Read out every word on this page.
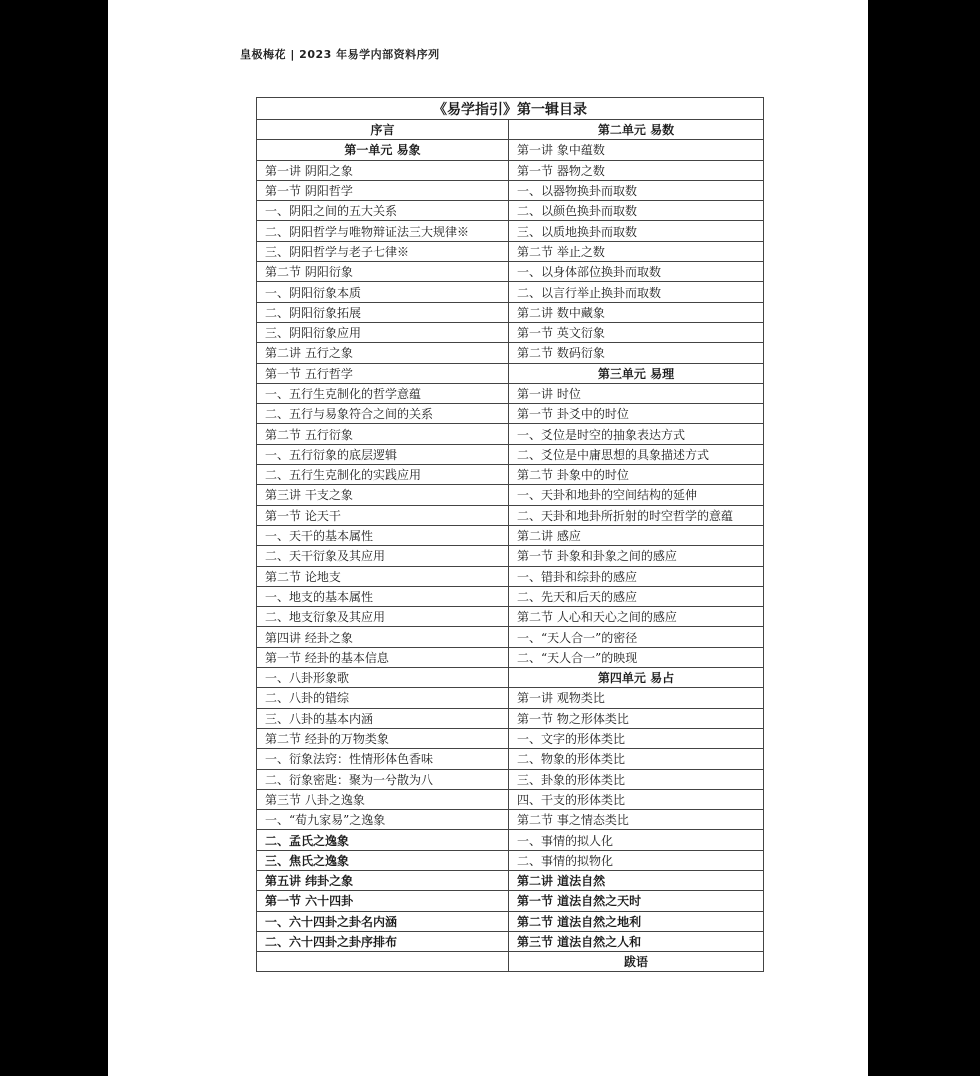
皇极梅花 | 2023 年易学内部资料序列
《易学指引》第一辑目录	
序言	第二单元 易数
第一单元 易象	第一讲 象中蕴数
第一讲 阴阳之象	第一节 器物之数
第一节 阴阳哲学	一、以器物换卦而取数
一、阴阳之间的五大关系	二、以颜色换卦而取数
二、阴阳哲学与唯物辩证法三大规律※	三、以质地换卦而取数
三、阴阳哲学与老子七律※	第二节 举止之数
第二节 阴阳衍象	一、以身体部位换卦而取数
一、阴阳衍象本质	二、以言行举止换卦而取数
二、阴阳衍象拓展	第二讲 数中藏象
三、阴阳衍象应用	第一节 英文衍象
第二讲 五行之象	第二节 数码衍象
第一节 五行哲学	第三单元 易理
一、五行生克制化的哲学意蕴	第一讲 时位
二、五行与易象符合之间的关系	第一节 卦爻中的时位
第二节 五行衍象	一、爻位是时空的抽象表达方式
一、五行衍象的底层逻辑	二、爻位是中庸思想的具象描述方式
二、五行生克制化的实践应用	第二节 卦象中的时位
第三讲 干支之象	一、天卦和地卦的空间结构的延伸
第一节 论天干	二、天卦和地卦所折射的时空哲学的意蕴
一、天干的基本属性	第二讲 感应
二、天干衍象及其应用	第一节 卦象和卦象之间的感应
第二节 论地支	一、错卦和综卦的感应
一、地支的基本属性	二、先天和后天的感应
二、地支衍象及其应用	第二节 人心和天心之间的感应
第四讲 经卦之象	一、“天人合一”的密径
第一节 经卦的基本信息	二、“天人合一”的映现
一、八卦形象歌	第四单元 易占
二、八卦的错综	第一讲 观物类比
三、八卦的基本内涵	第一节 物之形体类比
第二节 经卦的万物类象	一、文字的形体类比
一、衍象法窍：性情形体色香味	二、物象的形体类比
二、衍象密匙：聚为一兮散为八	三、卦象的形体类比
第三节 八卦之逸象	四、干支的形体类比
一、“荀九家易”之逸象	第二节 事之情态类比
二、孟氏之逸象	一、事情的拟人化
三、焦氏之逸象	二、事情的拟物化
第五讲 纬卦之象	第二讲 道法自然
第一节 六十四卦	第一节 道法自然之天时
一、六十四卦之卦名内涵	第二节 道法自然之地利
二、六十四卦之卦序排布	第三节 道法自然之人和
	跋语
